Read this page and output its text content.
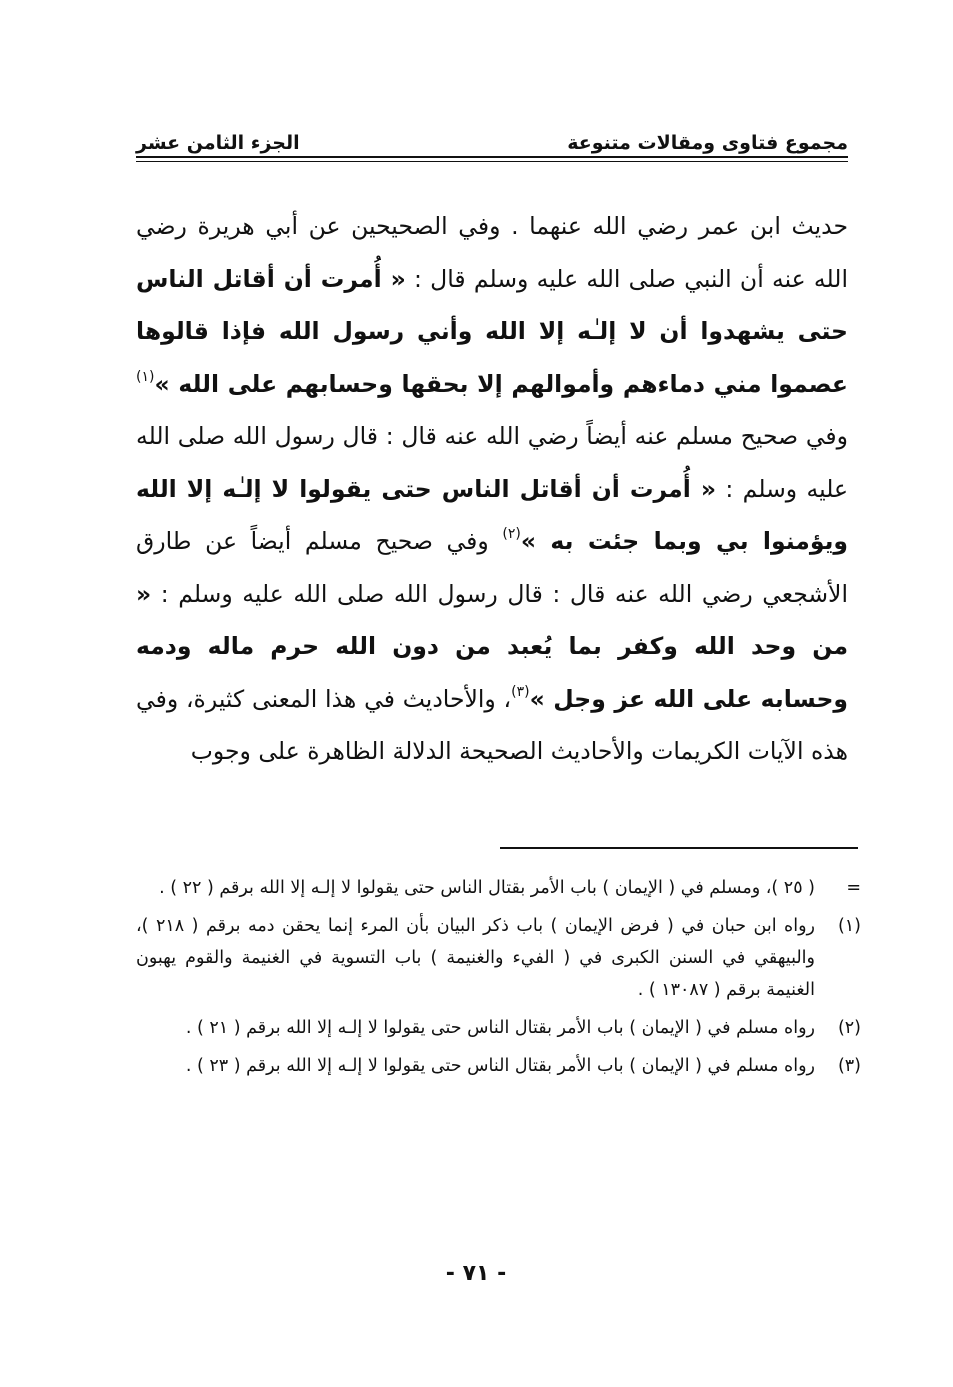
مجموع فتاوى ومقالات متنوعة
الجزء الثامن عشر
حديث ابن عمر رضي الله عنهما . وفي الصحيحين عن أبي هريرة رضي الله عنه أن النبي صلى الله عليه وسلم قال : « أُمرت أن أقاتل الناس حتى يشهدوا أن لا إلـٰه إلا الله وأني رسول الله فإذا قالوها عصموا مني دماءهم وأموالهم إلا بحقها وحسابهم على الله »$^{(١)}$ وفي صحيح مسلم عنه أيضاً رضي الله عنه قال : قال رسول الله صلى الله عليه وسلم : « أُمرت أن أقاتل الناس حتى يقولوا لا إلـٰه إلا الله ويؤمنوا بي وبما جئت به »$^{(٢)}$ وفي صحيح مسلم أيضاً عن طارق الأشجعي رضي الله عنه قال : قال رسول الله صلى الله عليه وسلم : « من وحد الله وكفر بما يُعبد من دون الله حرم ماله ودمه وحسابه على الله عز وجل »$^{(٣)}$، والأحاديث في هذا المعنى كثيرة، وفي هذه الآيات الكريمات والأحاديث الصحيحة الدلالة الظاهرة على وجوب
=
( ٢٥ )، ومسلم في ( الإيمان ) باب الأمر بقتال الناس حتى يقولوا لا إلـه إلا الله برقم ( ٢٢ ) .
(١)
رواه ابن حبان في ( فرض الإيمان ) باب ذكر البيان بأن المرء إنما يحقن دمه برقم ( ٢١٨ )، والبيهقي في السنن الكبرى في ( الفيء والغنيمة ) باب التسوية في الغنيمة والقوم يهبون الغنيمة برقم ( ١٣٠٨٧ ) .
(٢)
رواه مسلم في ( الإيمان ) باب الأمر بقتال الناس حتى يقولوا لا إلـه إلا الله برقم ( ٢١ ) .
(٣)
رواه مسلم في ( الإيمان ) باب الأمر بقتال الناس حتى يقولوا لا إلـه إلا الله برقم ( ٢٣ ) .
- ٧١ -
